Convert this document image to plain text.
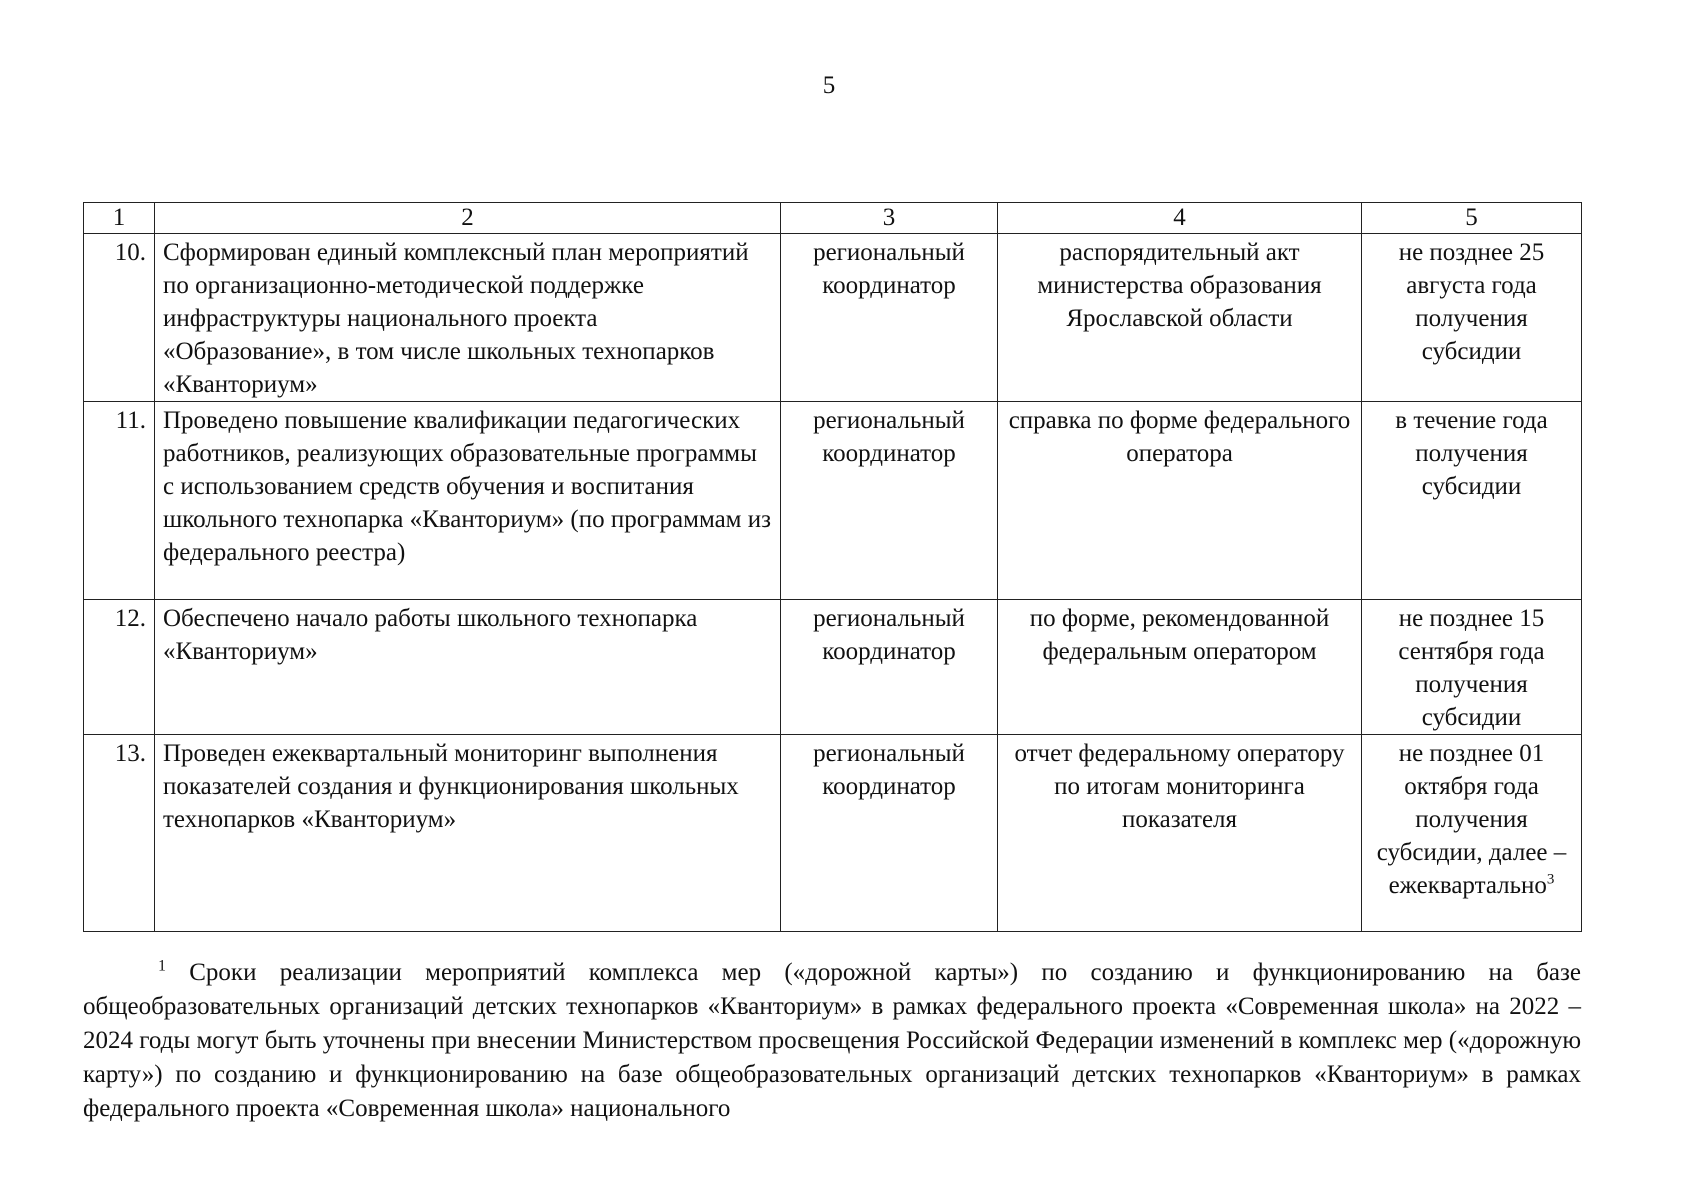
5
1	2	3	4	5
10.	Сформирован единый комплексный план мероприятий по организационно-методической поддержке инфраструктуры национального проекта «Образование», в том числе школьных технопарков «Кванториум»	региональный координатор	распорядительный акт министерства образования Ярославской области	не позднее 25 августа года получения субсидии
11.	Проведено повышение квалификации педагогических работников, реализующих образовательные программы с использованием средств обучения и воспитания школьного технопарка «Кванториум» (по программам из федерального реестра)	региональный координатор	справка по форме федерального оператора	в течение года получения субсидии
12.	Обеспечено начало работы школьного технопарка «Кванториум»	региональный координатор	по форме, рекомендованной федеральным оператором	не позднее 15 сентября года получения субсидии
13.	Проведен ежеквартальный мониторинг выполнения показателей создания и функционирования школьных технопарков «Кванториум»	региональный координатор	отчет федеральному оператору по итогам мониторинга показателя	не позднее 01 октября года получения субсидии, далее – ежеквартально$^3$
$^1$ Сроки реализации мероприятий комплекса мер («дорожной карты») по созданию и функционированию на базе общеобразовательных организаций детских технопарков «Кванториум» в рамках федерального проекта «Современная школа» на 2022 – 2024 годы могут быть уточнены при внесении Министерством просвещения Российской Федерации изменений в комплекс мер («дорожную карту») по созданию и функционированию на базе общеобразовательных организаций детских технопарков «Кванториум» в рамках федерального проекта «Современная школа» национального
